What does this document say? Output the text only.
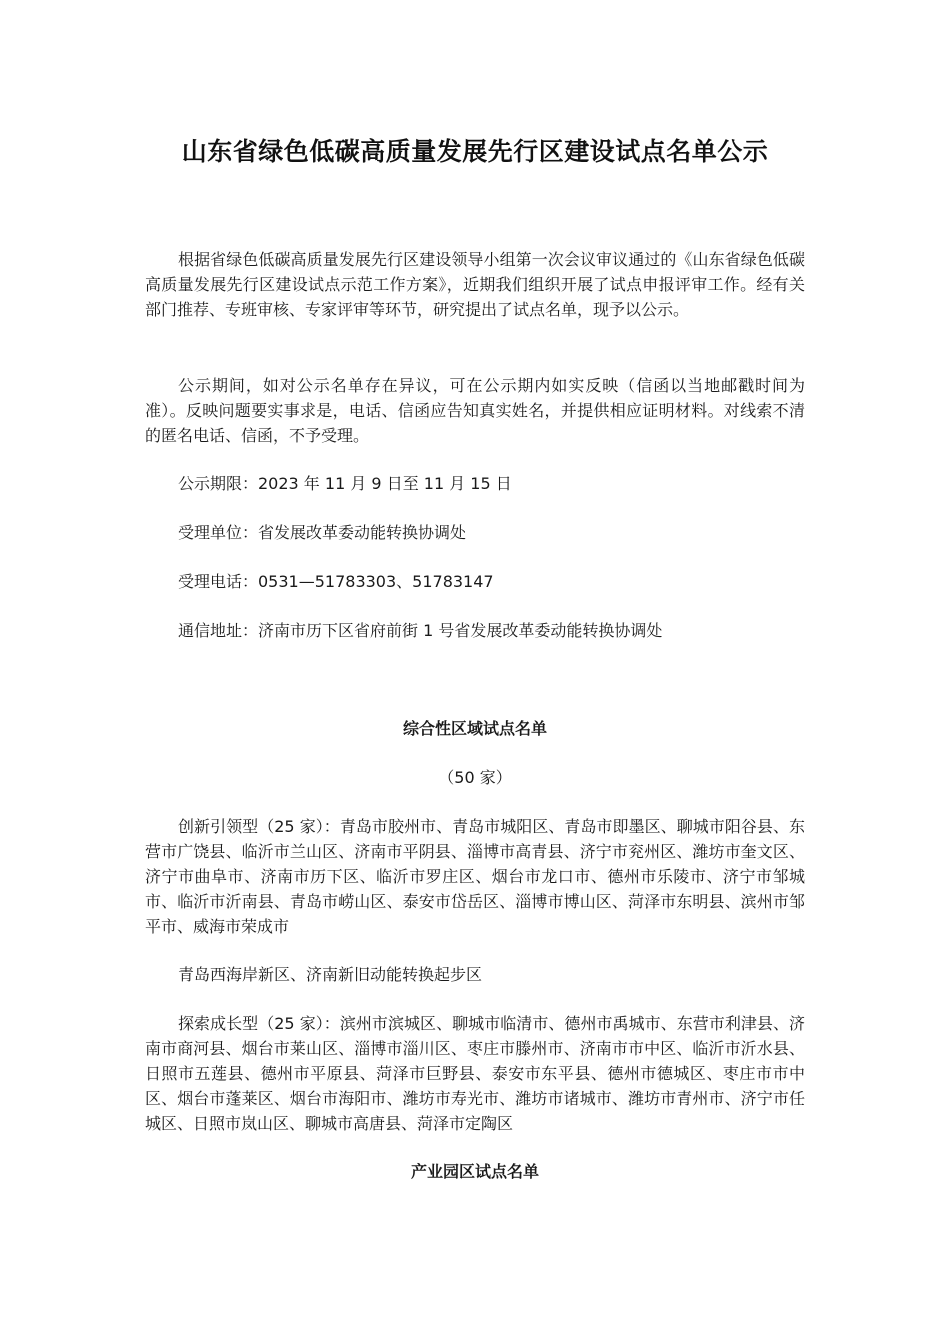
山东省绿色低碳高质量发展先行区建设试点名单公示

根据省绿色低碳高质量发展先行区建设领导小组第一次会议审议通过的《山东省绿色低碳高质量发展先行区建设试点示范工作方案》，近期我们组织开展了试点申报评审工作。经有关部门推荐、专班审核、专家评审等环节，研究提出了试点名单，现予以公示。

公示期间，如对公示名单存在异议，可在公示期内如实反映（信函以当地邮戳时间为准）。反映问题要实事求是，电话、信函应告知真实姓名，并提供相应证明材料。对线索不清的匿名电话、信函，不予受理。

公示期限：2023 年 11 月 9 日至 11 月 15 日

受理单位：省发展改革委动能转换协调处

受理电话：0531—51783303、51783147

通信地址：济南市历下区省府前街 1 号省发展改革委动能转换协调处

综合性区域试点名单

（50 家）

创新引领型（25 家）：青岛市胶州市、青岛市城阳区、青岛市即墨区、聊城市阳谷县、东营市广饶县、临沂市兰山区、济南市平阴县、淄博市高青县、济宁市兖州区、潍坊市奎文区、济宁市曲阜市、济南市历下区、临沂市罗庄区、烟台市龙口市、德州市乐陵市、济宁市邹城市、临沂市沂南县、青岛市崂山区、泰安市岱岳区、淄博市博山区、菏泽市东明县、滨州市邹平市、威海市荣成市

青岛西海岸新区、济南新旧动能转换起步区

探索成长型（25 家）：滨州市滨城区、聊城市临清市、德州市禹城市、东营市利津县、济南市商河县、烟台市莱山区、淄博市淄川区、枣庄市滕州市、济南市市中区、临沂市沂水县、日照市五莲县、德州市平原县、菏泽市巨野县、泰安市东平县、德州市德城区、枣庄市市中区、烟台市蓬莱区、烟台市海阳市、潍坊市寿光市、潍坊市诸城市、潍坊市青州市、济宁市任城区、日照市岚山区、聊城市高唐县、菏泽市定陶区

产业园区试点名单
